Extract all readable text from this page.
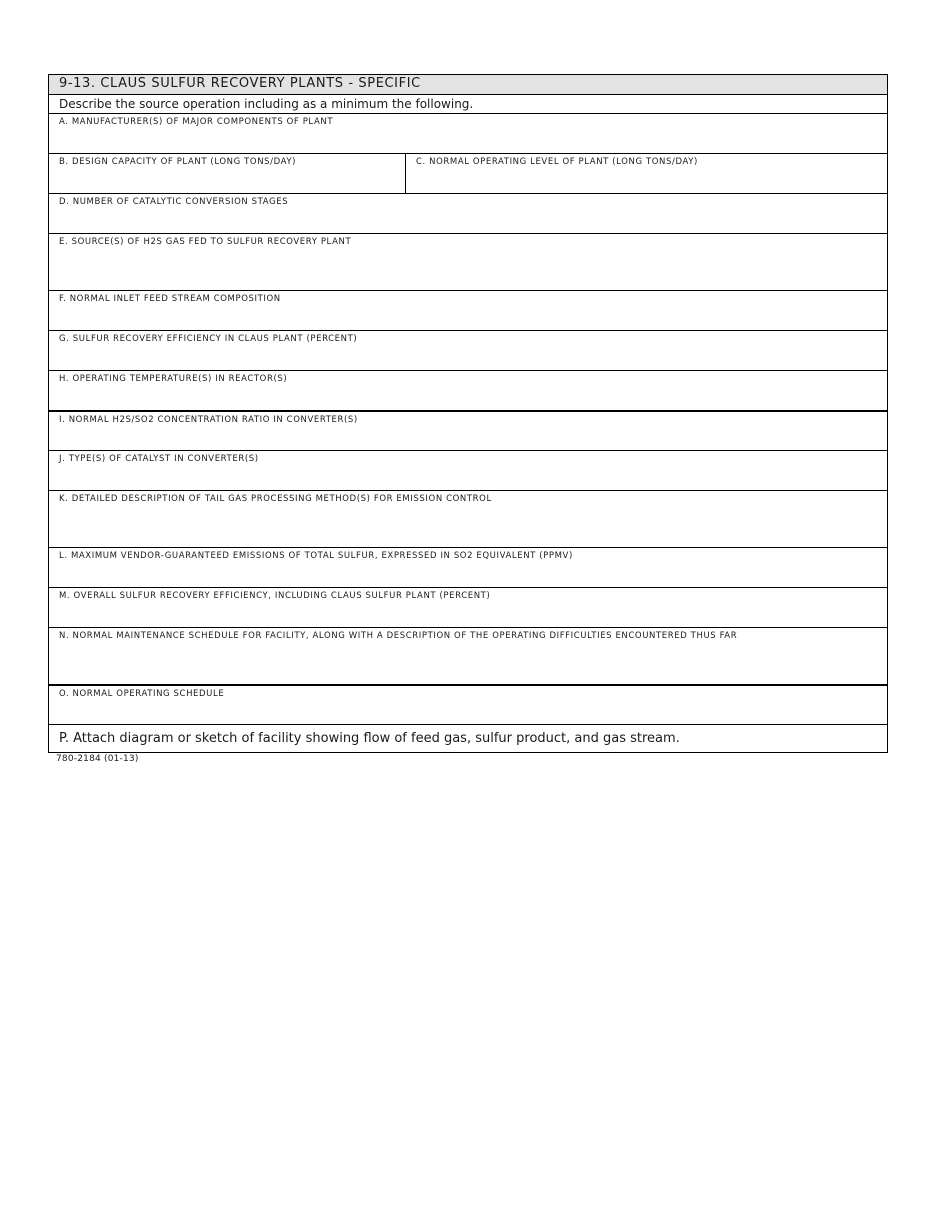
9-13. CLAUS SULFUR RECOVERY PLANTS - SPECIFIC
Describe the source operation including as a minimum the following.
A. MANUFACTURER(S) OF MAJOR COMPONENTS OF PLANT
B. DESIGN CAPACITY OF PLANT (LONG TONS/DAY)	C. NORMAL OPERATING LEVEL OF PLANT (LONG TONS/DAY)
D. NUMBER OF CATALYTIC CONVERSION STAGES
E. SOURCE(S) OF H2S GAS FED TO SULFUR RECOVERY PLANT
F. NORMAL INLET FEED STREAM COMPOSITION
G. SULFUR RECOVERY EFFICIENCY IN CLAUS PLANT (PERCENT)
H. OPERATING TEMPERATURE(S) IN REACTOR(S)
I. NORMAL H2S/SO2 CONCENTRATION RATIO IN CONVERTER(S)
J. TYPE(S) OF CATALYST IN CONVERTER(S)
K. DETAILED DESCRIPTION OF TAIL GAS PROCESSING METHOD(S) FOR EMISSION CONTROL
L. MAXIMUM VENDOR-GUARANTEED EMISSIONS OF TOTAL SULFUR, EXPRESSED IN SO2 EQUIVALENT (PPMV)
M. OVERALL SULFUR RECOVERY EFFICIENCY, INCLUDING CLAUS SULFUR PLANT (PERCENT)
N. NORMAL MAINTENANCE SCHEDULE FOR FACILITY, ALONG WITH A DESCRIPTION OF THE OPERATING DIFFICULTIES ENCOUNTERED THUS FAR
O. NORMAL OPERATING SCHEDULE
P. Attach diagram or sketch of facility showing flow of feed gas, sulfur product, and gas stream.
780-2184 (01-13)
